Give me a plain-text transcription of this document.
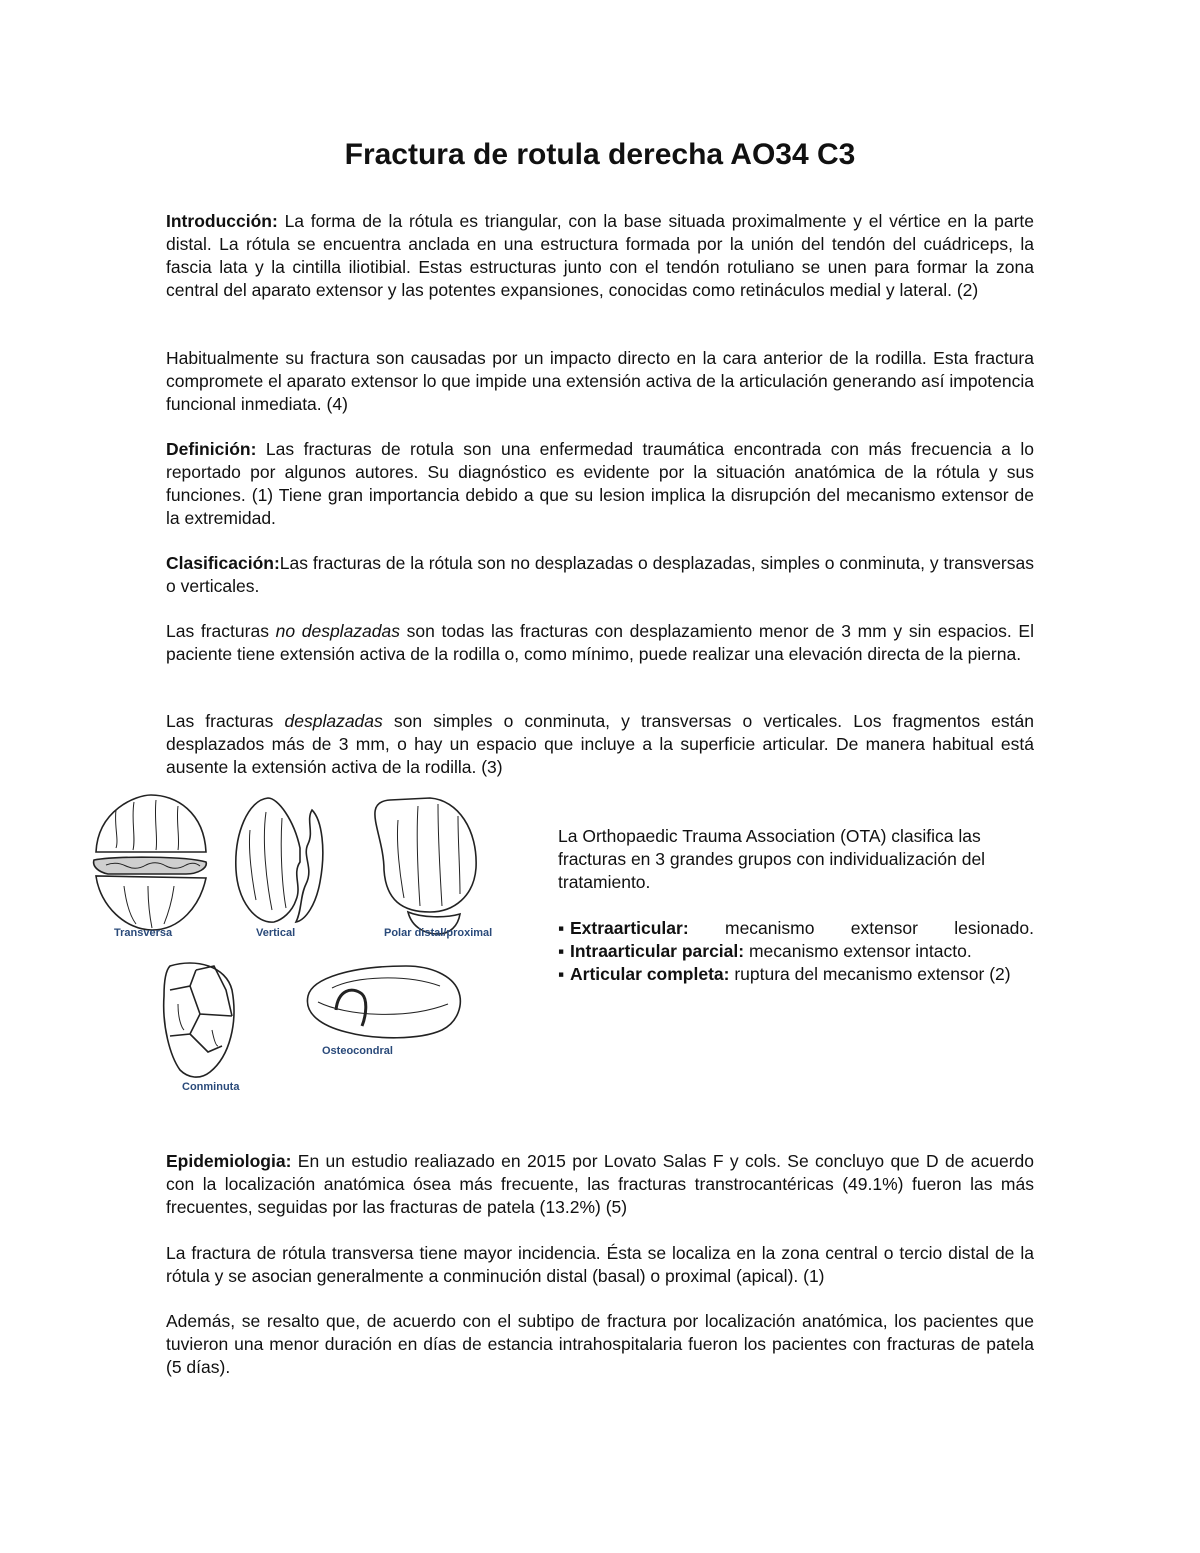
Fractura de rotula derecha AO34 C3

Introducción: La forma de la rótula es triangular, con la base situada proximalmente y el vértice en la parte distal. La rótula se encuentra anclada en una estructura formada por la unión del tendón del cuádriceps, la fascia lata y la cintilla iliotibial. Estas estructuras junto con el tendón rotuliano se unen para formar la zona central del aparato extensor y las potentes expansiones, conocidas como retináculos medial y lateral. (2)

Habitualmente su fractura son causadas por un impacto directo en la cara anterior de la rodilla. Esta fractura compromete el aparato extensor lo que impide una extensión activa de la articulación generando así impotencia funcional inmediata. (4)

Definición: Las fracturas de rotula son una enfermedad traumática encontrada con más frecuencia a lo reportado por algunos autores. Su diagnóstico es evidente por la situación anatómica de la rótula y sus funciones. (1) Tiene gran importancia debido a que su lesion implica la disrupción del mecanismo extensor de la extremidad.

Clasificación:Las fracturas de la rótula son no desplazadas o desplazadas, simples o conminuta, y transversas o verticales.

Las fracturas no desplazadas son todas las fracturas con desplazamiento menor de 3 mm y sin espacios. El paciente tiene extensión activa de la rodilla o, como mínimo, puede realizar una elevación directa de la pierna.

Las fracturas desplazadas son simples o conminuta, y transversas o verticales. Los fragmentos están desplazados más de 3 mm, o hay un espacio que incluye a la superficie articular. De manera habitual está ausente la extensión activa de la rodilla. (3)

Transversa	Vertical	Polar distal/proximal
Conminuta
Osteocondral

La Orthopaedic Trauma Association (OTA) clasifica las fracturas en 3 grandes grupos con individualización del tratamiento.

▪ Extraarticular: mecanismo extensor lesionado.
▪ Intraarticular parcial: mecanismo extensor intacto.
▪ Articular completa: ruptura del mecanismo extensor (2)

Epidemiologia: En un estudio realiazado en 2015 por Lovato Salas F y cols. Se concluyo que D de acuerdo con la localización anatómica ósea más frecuente, las fracturas transtrocantéricas (49.1%) fueron las más frecuentes, seguidas por las fracturas de patela (13.2%) (5)

La fractura de rótula transversa tiene mayor incidencia. Ésta se localiza en la zona central o tercio distal de la rótula y se asocian generalmente a conminución distal (basal) o proximal (apical). (1)

Además, se resalto que, de acuerdo con el subtipo de fractura por localización anatómica, los pacientes que tuvieron una menor duración en días de estancia intrahospitalaria fueron los pacientes con fracturas de patela (5 días).
